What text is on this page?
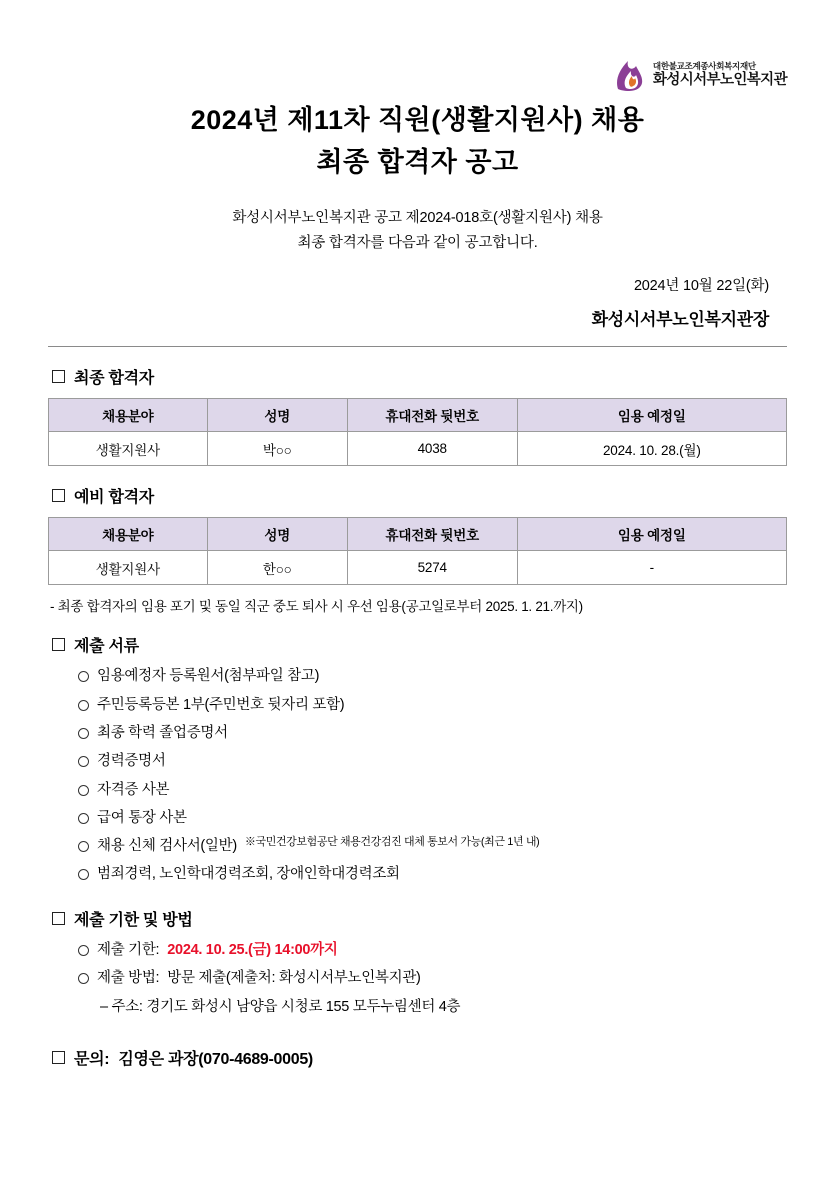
대한불교조계종사회복지재단
화성시서부노인복지관
2024년 제11차 직원(생활지원사) 채용
최종 합격자 공고
화성시서부노인복지관 공고 제2024-018호(생활지원사) 채용
최종 합격자를 다음과 같이 공고합니다.
2024년 10월 22일(화)
화성시서부노인복지관장
최종 합격자
채용분야	성명	휴대전화 뒷번호	임용 예정일
생활지원사	박○○	4038	2024. 10. 28.(월)
예비 합격자
채용분야	성명	휴대전화 뒷번호	임용 예정일
생활지원사	한○○	5274	-
- 최종 합격자의 임용 포기 및 동일 직군 중도 퇴사 시 우선 임용(공고일로부터 2025. 1. 21.까지)
제출 서류
임용예정자 등록원서(첨부파일 참고)
주민등록등본 1부(주민번호 뒷자리 포함)
최종 학력 졸업증명서
경력증명서
자격증 사본
급여 통장 사본
채용 신체 검사서(일반) ※국민건강보험공단 채용건강검진 대체 통보서 가능(최근 1년 내)
범죄경력, 노인학대경력조회, 장애인학대경력조회
제출 기한 및 방법
제출 기한: 2024. 10. 25.(금) 14:00까지
제출 방법: 방문 제출(제출처: 화성시서부노인복지관)
– 주소: 경기도 화성시 남양읍 시청로 155 모두누림센터 4층
문의: 김영은 과장(070-4689-0005)
